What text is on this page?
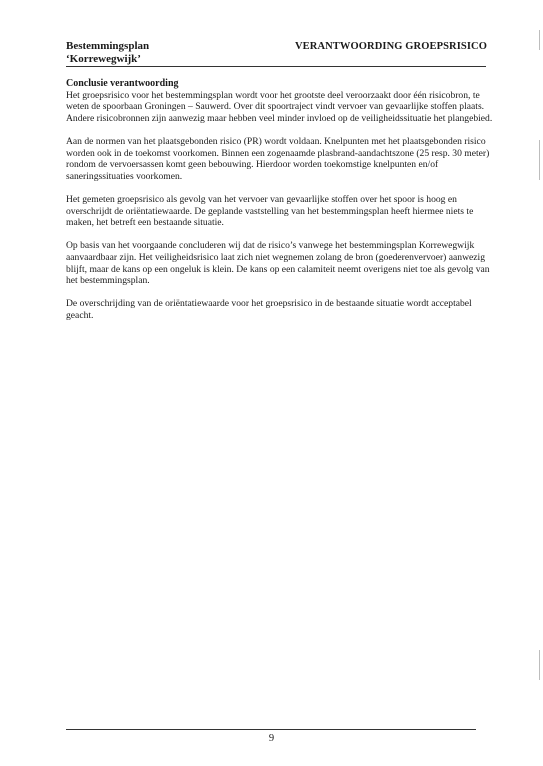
Bestemmingsplan
‘Korrewegwijk’
VERANTWOORDING GROEPSRISICO
Conclusie verantwoording

Het groepsrisico voor het bestemmingsplan wordt voor het grootste deel veroorzaakt door één risicobron, te weten de spoorbaan Groningen – Sauwerd. Over dit spoortraject vindt vervoer van gevaarlijke stoffen plaats. Andere risicobronnen zijn aanwezig maar hebben veel minder invloed op de veiligheidssituatie het plangebied.

Aan de normen van het plaatsgebonden risico (PR) wordt voldaan. Knelpunten met het plaatsgebonden risico worden ook in de toekomst voorkomen. Binnen een zogenaamde plasbrand-aandachtszone (25 resp. 30 meter) rondom de vervoersassen komt geen bebouwing. Hierdoor worden toekomstige knelpunten en/of saneringssituaties voorkomen.

Het gemeten groepsrisico als gevolg van het vervoer van gevaarlijke stoffen over het spoor is hoog en overschrijdt de oriëntatiewaarde. De geplande vaststelling van het bestemmingsplan heeft hiermee niets te maken, het betreft een bestaande situatie.

Op basis van het voorgaande concluderen wij dat de risico’s vanwege het bestemmingsplan Korrewegwijk aanvaardbaar zijn. Het veiligheidsrisico laat zich niet wegnemen zolang de bron (goederenvervoer) aanwezig blijft, maar de kans op een ongeluk is klein. De kans op een calamiteit neemt overigens niet toe als gevolg van het bestemmingsplan.

De overschrijding van de oriëntatiewaarde voor het groepsrisico in de bestaande situatie wordt acceptabel geacht.

9
